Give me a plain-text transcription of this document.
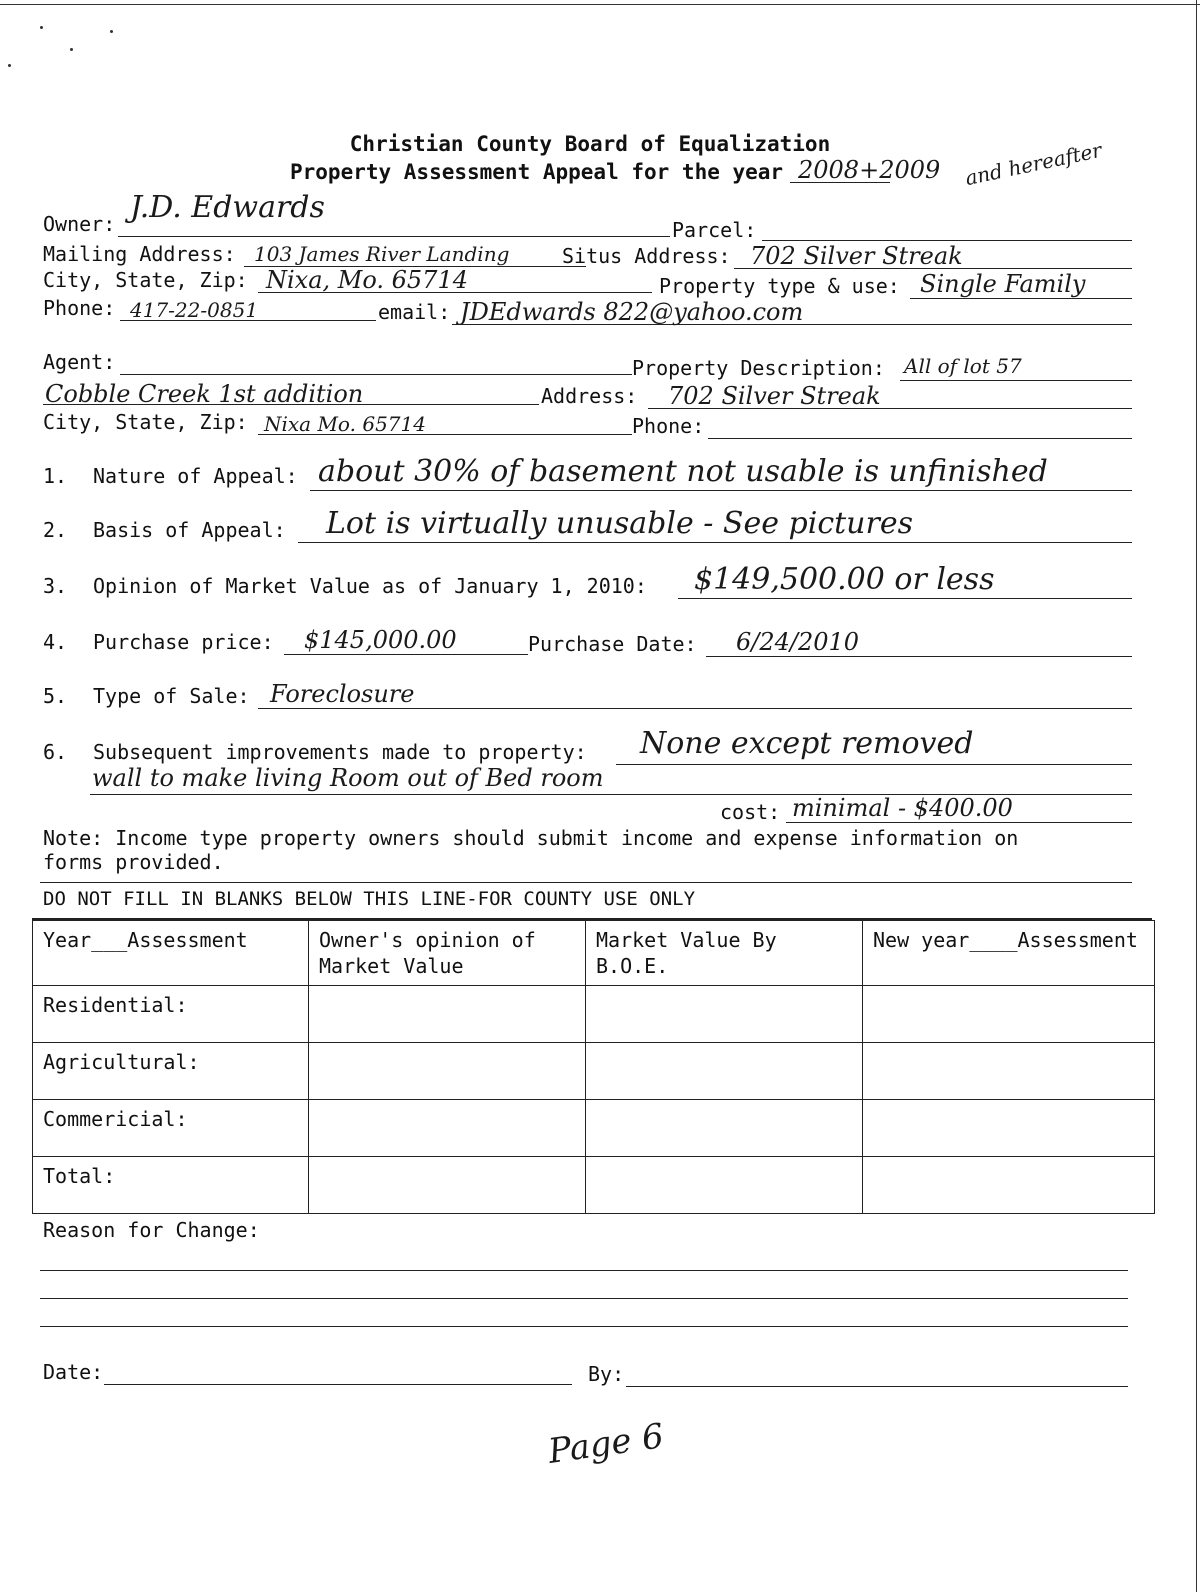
Christian County Board of Equalization
Property Assessment Appeal for the year 2008+2009 and hereafter
Owner: J.D. Edwards
Parcel:
Mailing Address: 103 James River Landing	Situs Address: 702 Silver Streak
City, State, Zip: Nixa, Mo. 65714	Property type & use: Single Family
Phone: 417-22-0851	email: JDEdwards 822@yahoo.com
Agent:	Property Description: All of lot 57
Cobble Creek 1st addition	Address: 702 Silver Streak
City, State, Zip: Nixa Mo. 65714	Phone:
1. Nature of Appeal: about 30% of basement not usable is unfinished
2. Basis of Appeal: Lot is virtually unusable - See pictures
3. Opinion of Market Value as of January 1, 2010: $149,500.00 or less
4. Purchase price: $145,000.00	Purchase Date: 6/24/2010
5. Type of Sale: Foreclosure
6. Subsequent improvements made to property: None except removed
wall to make living Room out of Bed room
cost: minimal - $400.00
Note: Income type property owners should submit income and expense information on
forms provided.
DO NOT FILL IN BLANKS BELOW THIS LINE-FOR COUNTY USE ONLY
Year___Assessment	Owner's opinion of Market Value	Market Value By B.O.E.	New year____Assessment
Residential:			
Agricultural:			
Commericial:			
Total:			
Reason for Change:
Date:	By:
Page 6
